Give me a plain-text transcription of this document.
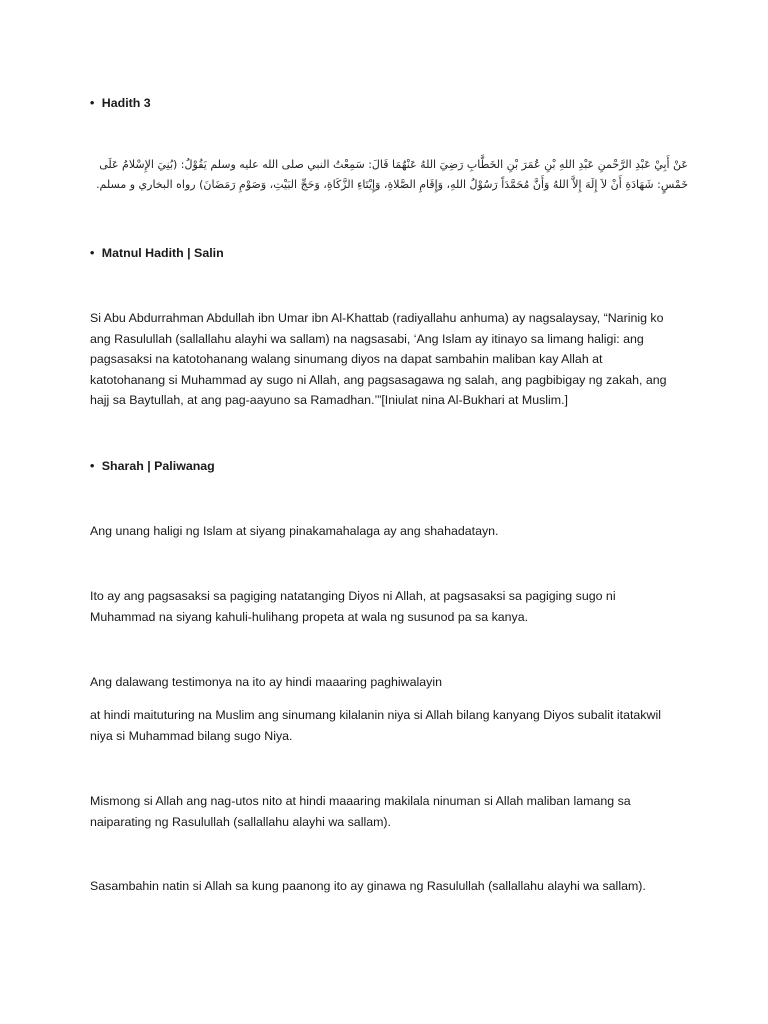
• Hadith 3
عَنْ أَبِيْ عَبْدِ الرَّحْمنِ عَبْدِ اللهِ بْنِ عُمَرَ بْنِ الخَطَّابِ رَضِيَ اللهُ عَنْهُمَا قَالَ: سَمِعْتُ النبي صلى الله عليه وسلم يَقُوْلُ: (بُنِيَ الإِسْلامُ عَلَى خَمْسٍ: شَهَادَةِ أَنْ لاَ إِلَهَ إِلاَّ اللهُ وَأَنَّ مُحَمَّدَاً رَسُوْلُ اللهِ، وَإِقَامِ الصَّلاةِ، وَإِيْتَاءِ الزَّكَاةِ، وَحَجِّ البَيْتِ، وَصَوْمِ رَمَضَانَ) رواه البخاري و مسلم.
• Matnul Hadith | Salin
Si Abu Abdurrahman Abdullah ibn Umar ibn Al-Khattab (radiyallahu anhuma) ay nagsalaysay, “Narinig ko ang Rasulullah (sallallahu alayhi wa sallam) na nagsasabi, ‘Ang Islam ay itinayo sa limang haligi: ang pagsasaksi na katotohanang walang sinumang diyos na dapat sambahin maliban kay Allah at katotohanang si Muhammad ay sugo ni Allah, ang pagsasagawa ng salah, ang pagbibigay ng zakah, ang hajj sa Baytullah, at ang pag-aayuno sa Ramadhan.’”[Iniulat nina Al-Bukhari at Muslim.]
• Sharah | Paliwanag
Ang unang haligi ng Islam at siyang pinakamahalaga ay ang shahadatayn.
Ito ay ang pagsasaksi sa pagiging natatanging Diyos ni Allah, at pagsasaksi sa pagiging sugo ni Muhammad na siyang kahuli-hulihang propeta at wala ng susunod pa sa kanya.
Ang dalawang testimonya na ito ay hindi maaaring paghiwalayin
at hindi maituturing na Muslim ang sinumang kilalanin niya si Allah bilang kanyang Diyos subalit itatakwil niya si Muhammad bilang sugo Niya.
Mismong si Allah ang nag-utos nito at hindi maaaring makilala ninuman si Allah maliban lamang sa naiparating ng Rasulullah (sallallahu alayhi wa sallam).
Sasambahin natin si Allah sa kung paanong ito ay ginawa ng Rasulullah (sallallahu alayhi wa sallam).
